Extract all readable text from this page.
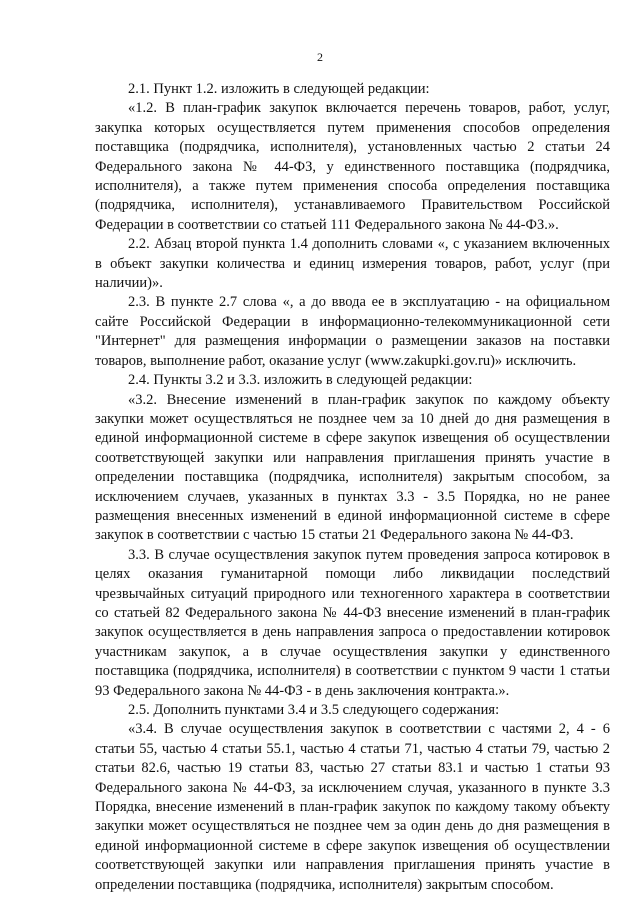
2

2.1. Пункт 1.2. изложить в следующей редакции:

«1.2. В план-график закупок включается перечень товаров, работ, услуг, закупка которых осуществляется путем применения способов определения поставщика (подрядчика, исполнителя), установленных частью 2 статьи 24 Федерального закона № 44-ФЗ, у единственного поставщика (подрядчика, исполнителя), а также путем применения способа определения поставщика (подрядчика, исполнителя), устанавливаемого Правительством Российской Федерации в соответствии со статьей 111 Федерального закона № 44-ФЗ.».

2.2. Абзац второй пункта 1.4 дополнить словами «, с указанием включенных в объект закупки количества и единиц измерения товаров, работ, услуг (при наличии)».

2.3. В пункте 2.7 слова «, а до ввода ее в эксплуатацию - на официальном сайте Российской Федерации в информационно-телекоммуникационной сети "Интернет" для размещения информации о размещении заказов на поставки товаров, выполнение работ, оказание услуг (www.zakupki.gov.ru)» исключить.

2.4. Пункты 3.2 и 3.3. изложить в следующей редакции:

«3.2. Внесение изменений в план-график закупок по каждому объекту закупки может осуществляться не позднее чем за 10 дней до дня размещения в единой информационной системе в сфере закупок извещения об осуществлении соответствующей закупки или направления приглашения принять участие в определении поставщика (подрядчика, исполнителя) закрытым способом, за исключением случаев, указанных в пунктах 3.3 - 3.5 Порядка, но не ранее размещения внесенных изменений в единой информационной системе в сфере закупок в соответствии с частью 15 статьи 21 Федерального закона № 44-ФЗ.

3.3. В случае осуществления закупок путем проведения запроса котировок в целях оказания гуманитарной помощи либо ликвидации последствий чрезвычайных ситуаций природного или техногенного характера в соответствии со статьей 82 Федерального закона № 44-ФЗ внесение изменений в план-график закупок осуществляется в день направления запроса о предоставлении котировок участникам закупок, а в случае осуществления закупки у единственного поставщика (подрядчика, исполнителя) в соответствии с пунктом 9 части 1 статьи 93 Федерального закона № 44-ФЗ - в день заключения контракта.».

2.5. Дополнить пунктами 3.4 и 3.5 следующего содержания:

«3.4. В случае осуществления закупок в соответствии с частями 2, 4 - 6 статьи 55, частью 4 статьи 55.1, частью 4 статьи 71, частью 4 статьи 79, частью 2 статьи 82.6, частью 19 статьи 83, частью 27 статьи 83.1 и частью 1 статьи 93 Федерального закона № 44-ФЗ, за исключением случая, указанного в пункте 3.3 Порядка, внесение изменений в план-график закупок по каждому такому объекту закупки может осуществляться не позднее чем за один день до дня размещения в единой информационной системе в сфере закупок извещения об осуществлении соответствующей закупки или направления приглашения принять участие в определении поставщика (подрядчика, исполнителя) закрытым способом.
